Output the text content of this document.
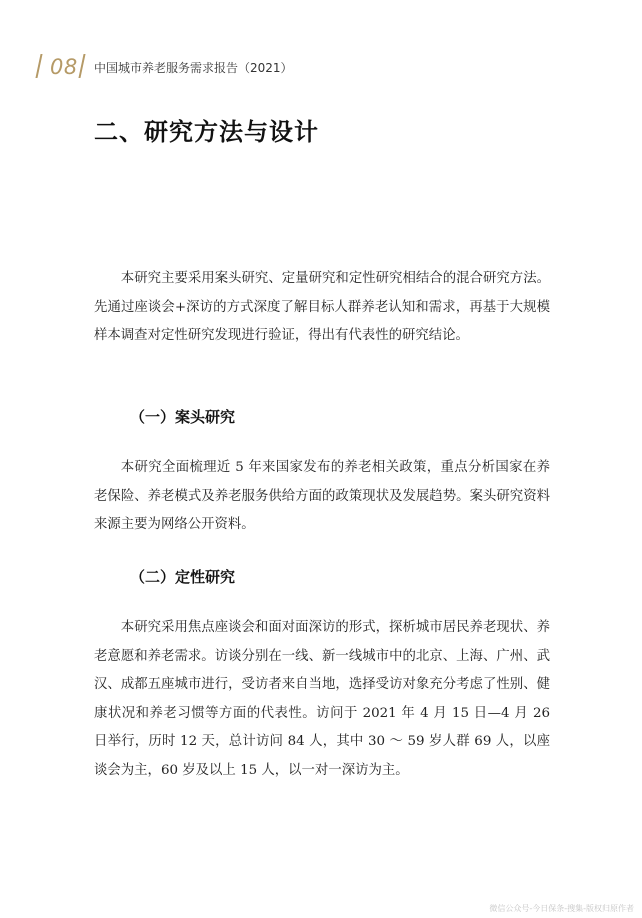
08 中国城市养老服务需求报告（2021）
二、研究方法与设计

本研究主要采用案头研究、定量研究和定性研究相结合的混合研究方法。先通过座谈会+深访的方式深度了解目标人群养老认知和需求，再基于大规模样本调查对定性研究发现进行验证，得出有代表性的研究结论。

（一）案头研究

本研究全面梳理近 5 年来国家发布的养老相关政策，重点分析国家在养老保险、养老模式及养老服务供给方面的政策现状及发展趋势。案头研究资料来源主要为网络公开资料。

（二）定性研究

本研究采用焦点座谈会和面对面深访的形式，探析城市居民养老现状、养老意愿和养老需求。访谈分别在一线、新一线城市中的北京、上海、广州、武汉、成都五座城市进行，受访者来自当地，选择受访对象充分考虑了性别、健康状况和养老习惯等方面的代表性。访问于 2021 年 4 月 15 日—4 月 26 日举行，历时 12 天，总计访问 84 人，其中 30 ～ 59 岁人群 69 人，以座谈会为主，60 岁及以上 15 人，以一对一深访为主。

微信公众号-今日保条-搜集-版权归原作者
